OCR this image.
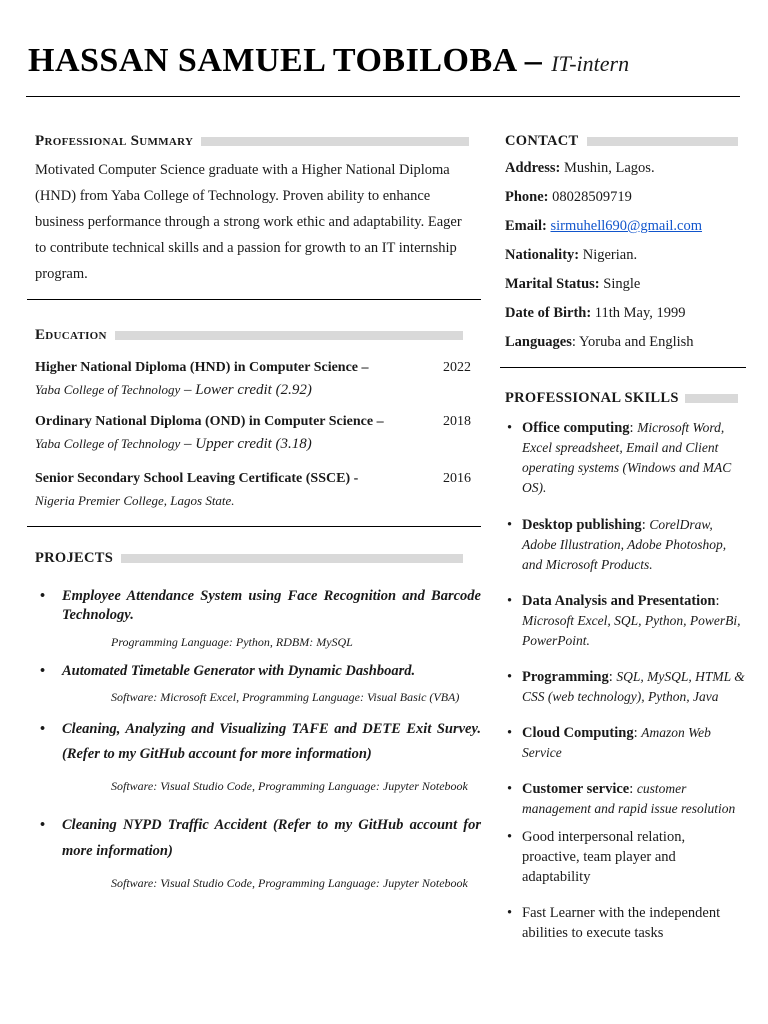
HASSAN SAMUEL TOBILOBA – IT-intern
Professional Summary

Motivated Computer Science graduate with a Higher National Diploma (HND) from Yaba College of Technology. Proven ability to enhance business performance through a strong work ethic and adaptability. Eager to contribute technical skills and a passion for growth to an IT internship program.

Education
Higher National Diploma (HND) in Computer Science –	2022
Yaba College of Technology – Lower credit (2.92)
Ordinary National Diploma (OND) in Computer Science –	2018
Yaba College of Technology – Upper credit (3.18)
Senior Secondary School Leaving Certificate (SSCE) -	2016
Nigeria Premier College, Lagos State.
PROJECTS
• Employee Attendance System using Face Recognition and Barcode Technology.
Programming Language: Python, RDBM: MySQL
• Automated Timetable Generator with Dynamic Dashboard.
Software: Microsoft Excel, Programming Language: Visual Basic (VBA)
• Cleaning, Analyzing and Visualizing TAFE and DETE Exit Survey. (Refer to my GitHub account for more information)
Software: Visual Studio Code, Programming Language: Jupyter Notebook
• Cleaning NYPD Traffic Accident (Refer to my GitHub account for more information)
Software: Visual Studio Code, Programming Language: Jupyter Notebook
CONTACT
Address: Mushin, Lagos.
Phone: 08028509719
Email: sirmuhell690@gmail.com
Nationality: Nigerian.
Marital Status: Single
Date of Birth: 11th May, 1999
Languages: Yoruba and English
PROFESSIONAL SKILLS
• Office computing: Microsoft Word, Excel spreadsheet, Email and Client operating systems (Windows and MAC OS).
• Desktop publishing: CorelDraw, Adobe Illustration, Adobe Photoshop, and Microsoft Products.
• Data Analysis and Presentation: Microsoft Excel, SQL, Python, PowerBi, PowerPoint.
• Programming: SQL, MySQL, HTML & CSS (web technology), Python, Java
• Cloud Computing: Amazon Web Service
• Customer service: customer management and rapid issue resolution
• Good interpersonal relation, proactive, team player and adaptability
• Fast Learner with the independent abilities to execute tasks
